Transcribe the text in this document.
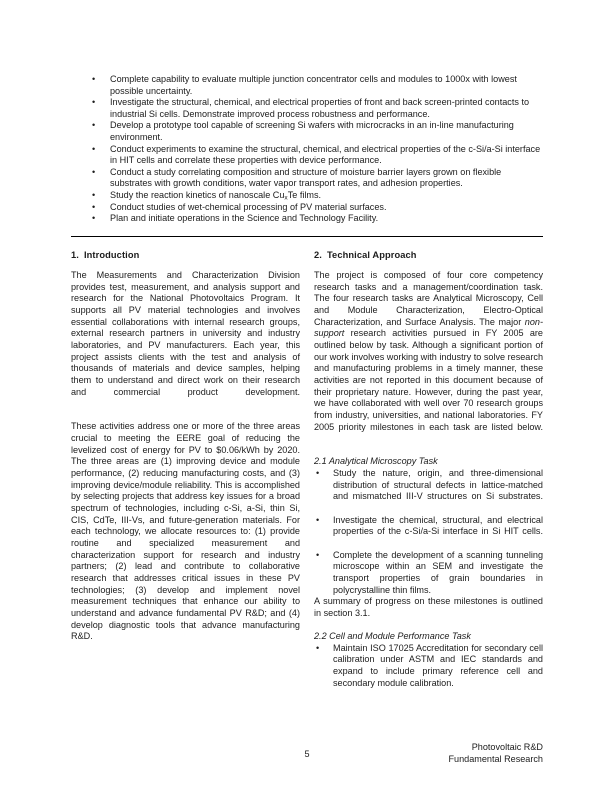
• Complete capability to evaluate multiple junction concentrator cells and modules to 1000x with lowest possible uncertainty.
• Investigate the structural, chemical, and electrical properties of front and back screen-printed contacts to industrial Si cells. Demonstrate improved process robustness and performance.
• Develop a prototype tool capable of screening Si wafers with microcracks in an in-line manufacturing environment.
• Conduct experiments to examine the structural, chemical, and electrical properties of the c-Si/a-Si interface in HIT cells and correlate these properties with device performance.
• Conduct a study correlating composition and structure of moisture barrier layers grown on flexible substrates with growth conditions, water vapor transport rates, and adhesion properties.
• Study the reaction kinetics of nanoscale $Cu_xTe$ films.
• Conduct studies of wet-chemical processing of PV material surfaces.
• Plan and initiate operations in the Science and Technology Facility.
1. Introduction

The Measurements and Characterization Division provides test, measurement, and analysis support and research for the National Photovoltaics Program. It supports all PV material technologies and involves essential collaborations with internal research groups, external research partners in university and industry laboratories, and PV manufacturers. Each year, this project assists clients with the test and analysis of thousands of materials and device samples, helping them to understand and direct work on their research and commercial product development.

These activities address one or more of the three areas crucial to meeting the EERE goal of reducing the levelized cost of energy for PV to $0.06/kWh by 2020. The three areas are (1) improving device and module performance, (2) reducing manufacturing costs, and (3) improving device/module reliability. This is accomplished by selecting projects that address key issues for a broad spectrum of technologies, including c-Si, a-Si, thin Si, CIS, CdTe, III-Vs, and future-generation materials. For each technology, we allocate resources to: (1) provide routine and specialized measurement and characterization support for research and industry partners; (2) lead and contribute to collaborative research that addresses critical issues in these PV technologies; (3) develop and implement novel measurement techniques that enhance our ability to understand and advance fundamental PV R&D; and (4) develop diagnostic tools that advance manufacturing R&D.

2. Technical Approach

The project is composed of four core competency research tasks and a management/coordination task. The four research tasks are Analytical Microscopy, Cell and Module Characterization, Electro-Optical Characterization, and Surface Analysis. The major non-support research activities pursued in FY 2005 are outlined below by task. Although a significant portion of our work involves working with industry to solve research and manufacturing problems in a timely manner, these activities are not reported in this document because of their proprietary nature. However, during the past year, we have collaborated with well over 70 research groups from industry, universities, and national laboratories. FY 2005 priority milestones in each task are listed below.

2.1 Analytical Microscopy Task
• Study the nature, origin, and three-dimensional distribution of structural defects in lattice-matched and mismatched III-V structures on Si substrates.
• Investigate the chemical, structural, and electrical properties of the c-Si/a-Si interface in Si HIT cells.
• Complete the development of a scanning tunneling microscope within an SEM and investigate the transport properties of grain boundaries in polycrystalline thin films.

A summary of progress on these milestones is outlined in section 3.1.

2.2 Cell and Module Performance Task
• Maintain ISO 17025 Accreditation for secondary cell calibration under ASTM and IEC standards and expand to include primary reference cell and secondary module calibration.
5
Photovoltaic R&D
Fundamental Research
